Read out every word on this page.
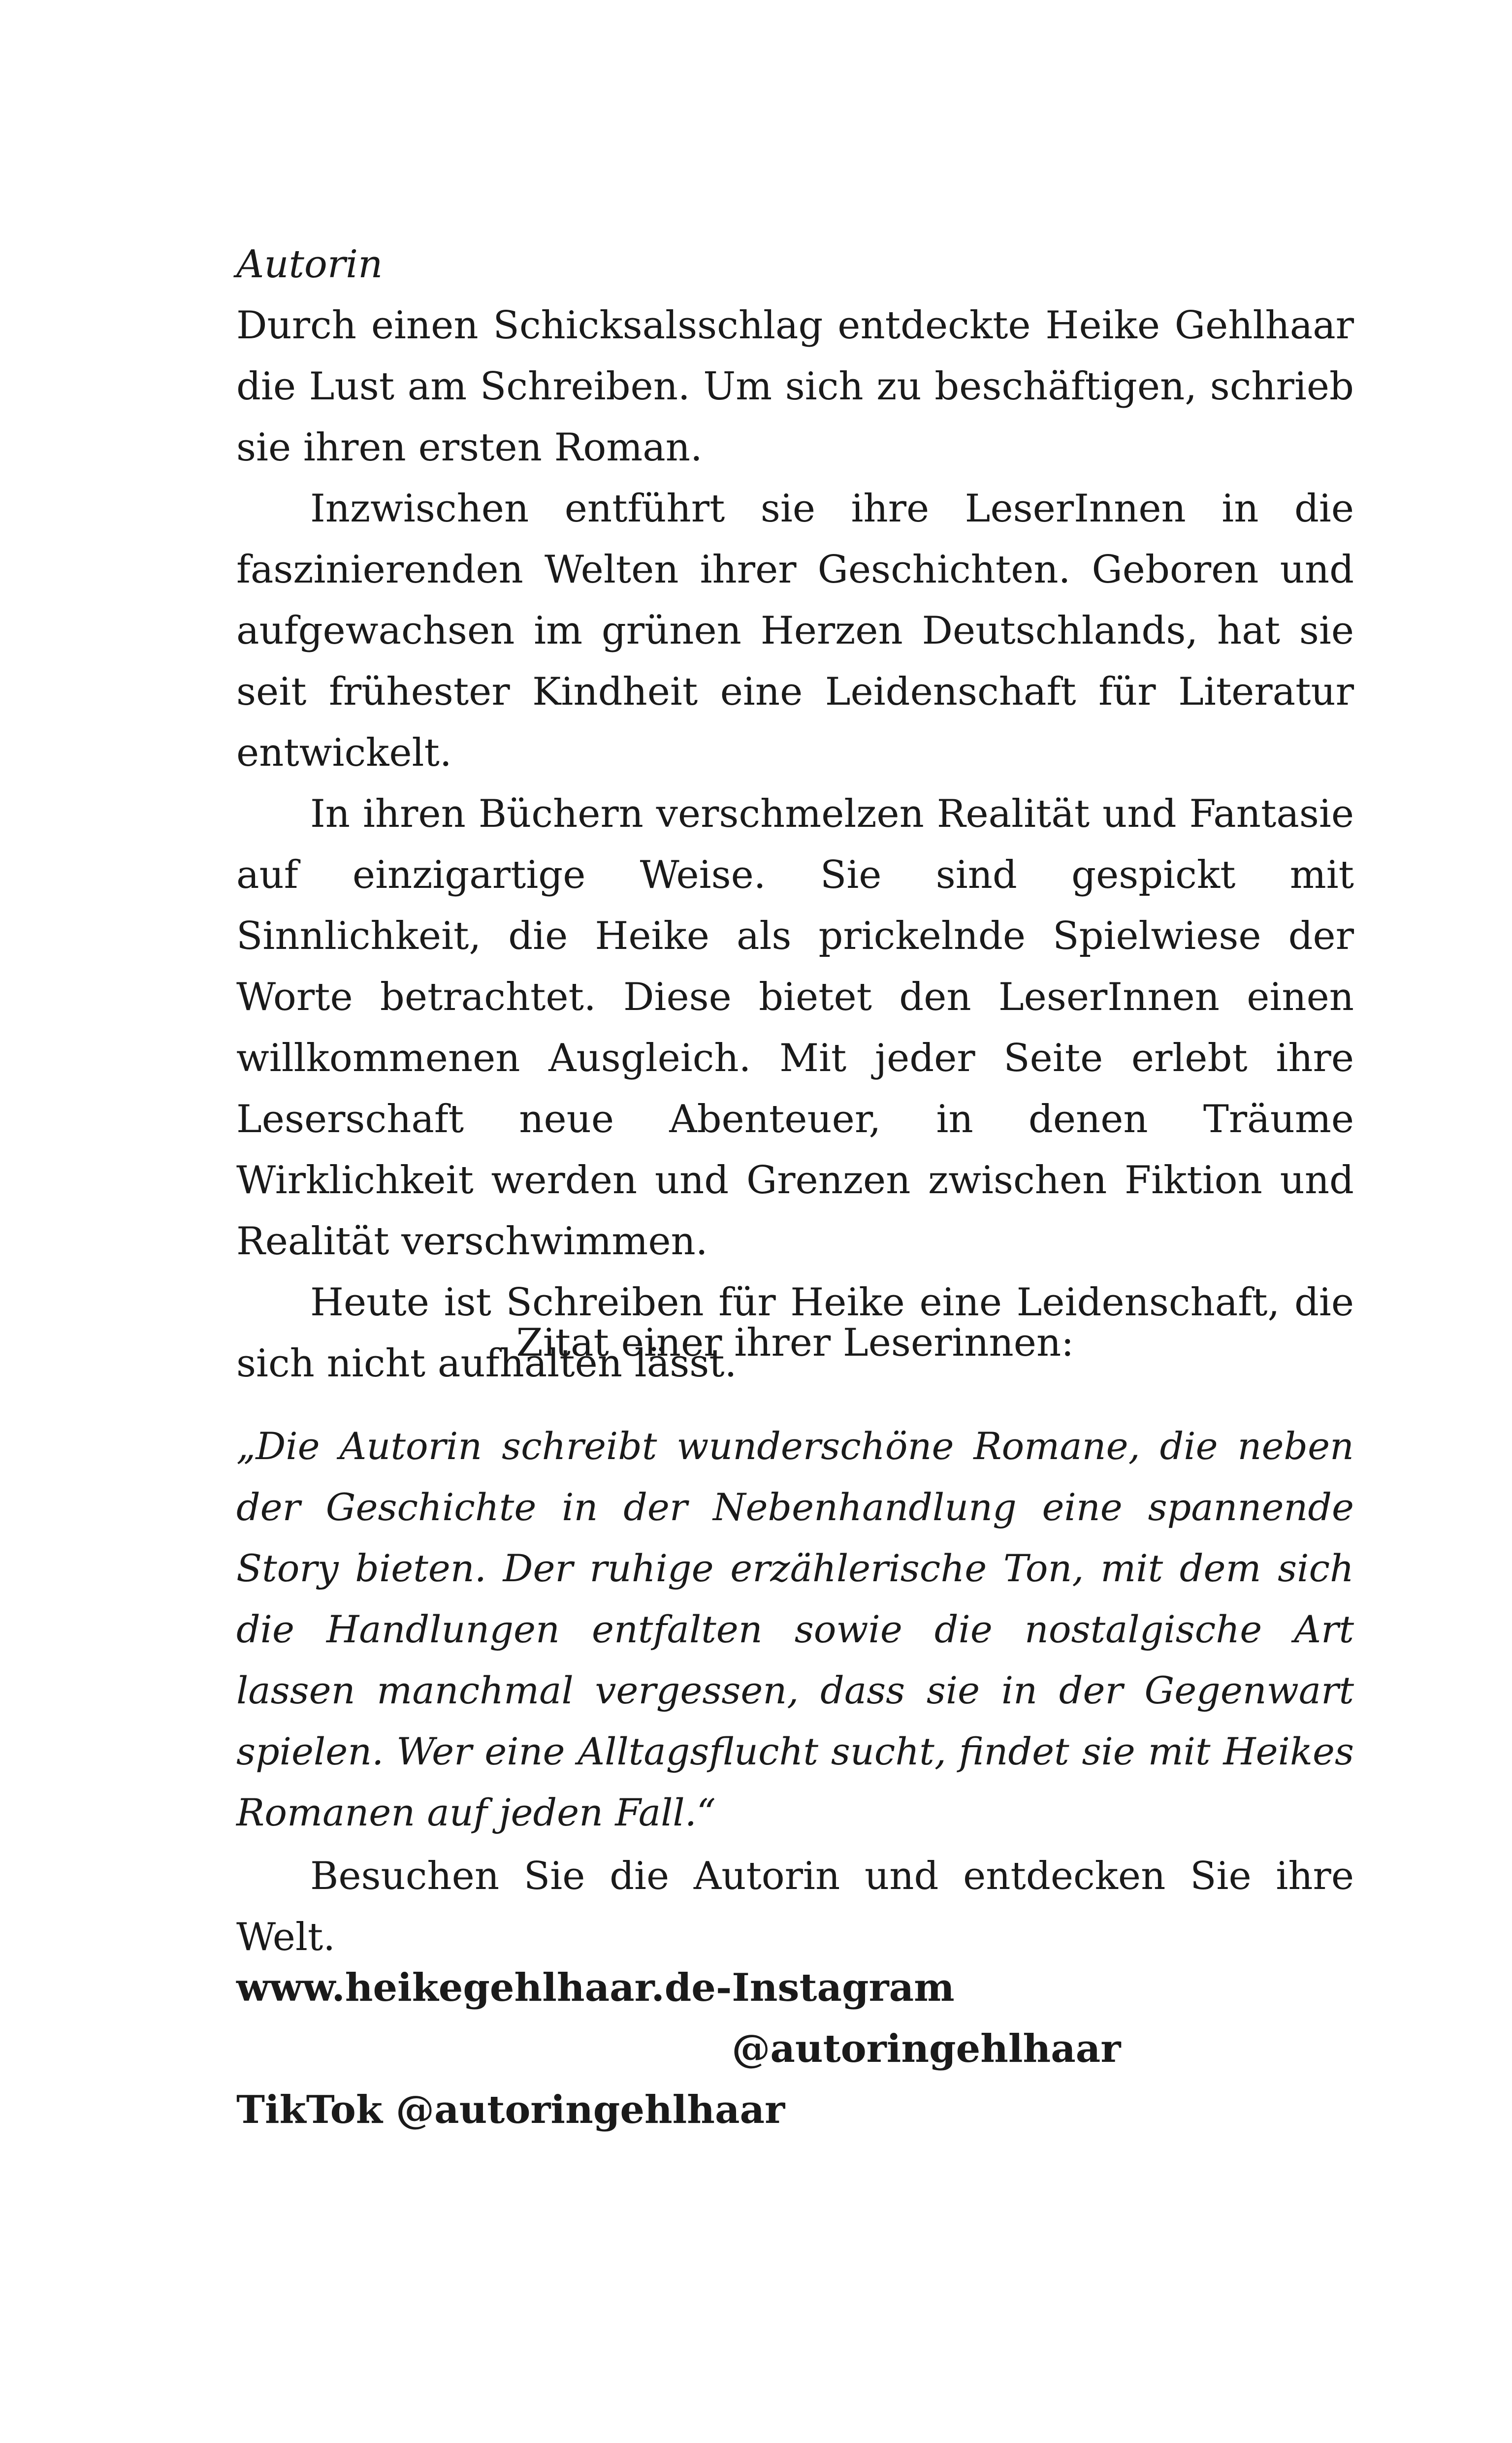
Autorin

Durch einen Schicksalsschlag entdeckte Heike Gehlhaar die Lust am Schreiben. Um sich zu beschäftigen, schrieb sie ihren ersten Roman.

Inzwischen entführt sie ihre LeserInnen in die faszinierenden Welten ihrer Geschichten. Geboren und aufgewachsen im grünen Herzen Deutschlands, hat sie seit frühester Kindheit eine Leidenschaft für Literatur entwickelt.

In ihren Büchern verschmelzen Realität und Fantasie auf einzigartige Weise. Sie sind gespickt mit Sinnlichkeit, die Heike als prickelnde Spielwiese der Worte betrachtet. Diese bietet den LeserInnen einen willkommenen Ausgleich. Mit jeder Seite erlebt ihre Leserschaft neue Abenteuer, in denen Träume Wirklichkeit werden und Grenzen zwischen Fiktion und Realität verschwimmen.

Heute ist Schreiben für Heike eine Leidenschaft, die sich nicht aufhalten lässt.

Zitat einer ihrer Leserinnen:

„Die Autorin schreibt wunderschöne Romane, die neben der Geschichte in der Nebenhandlung eine spannende Story bieten. Der ruhige erzählerische Ton, mit dem sich die Handlungen entfalten sowie die nostalgische Art lassen manchmal vergessen, dass sie in der Gegenwart spielen. Wer eine Alltagsflucht sucht, findet sie mit Heikes Romanen auf jeden Fall.“

Besuchen Sie die Autorin und entdecken Sie ihre Welt.

www.heikegehlhaar.de - Instagram @autoringehlhaar
TikTok @autoringehlhaar
